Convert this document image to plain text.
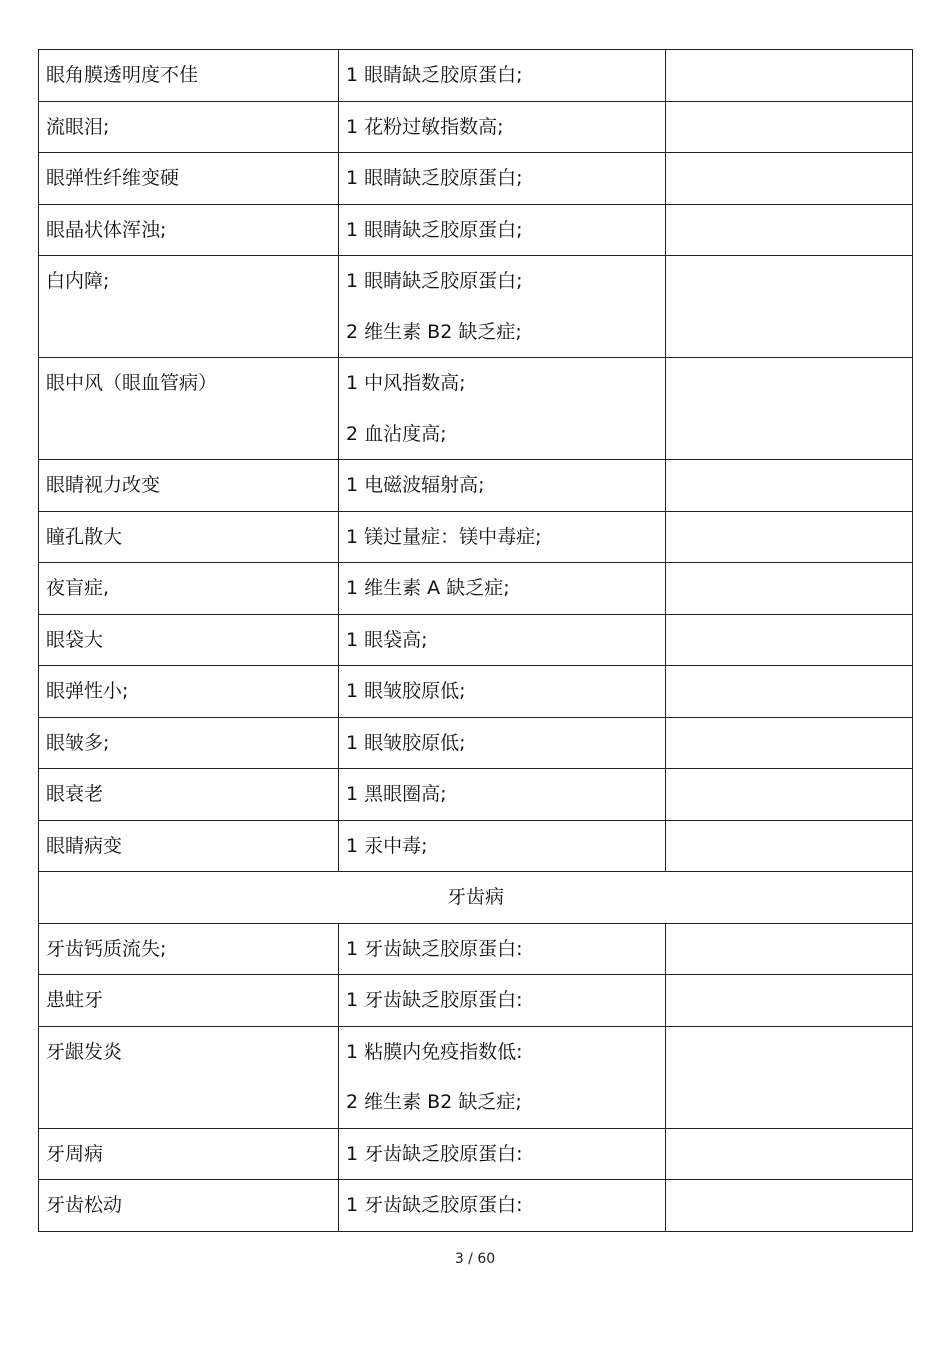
眼角膜透明度不佳	1 眼睛缺乏胶原蛋白;	

流眼泪;	1 花粉过敏指数高;	

眼弹性纤维变硬	1 眼睛缺乏胶原蛋白;	

眼晶状体浑浊;	1 眼睛缺乏胶原蛋白;	

白内障;	1 眼睛缺乏胶原蛋白;
2 维生素 B2 缺乏症;	

眼中风（眼血管病）	1 中风指数高;
2 血沾度高;	

眼睛视力改变	1 电磁波辐射高;	

瞳孔散大	1 镁过量症：镁中毒症;	

夜盲症,	1 维生素 A 缺乏症;	

眼袋大	1 眼袋高;	

眼弹性小;	1 眼皱胶原低;	

眼皱多;	1 眼皱胶原低;	

眼衰老	1 黑眼圈高;	

眼睛病变	1 汞中毒;	

牙齿病		
牙齿钙质流失;	1 牙齿缺乏胶原蛋白:	

患蛀牙	1 牙齿缺乏胶原蛋白:	

牙龈发炎	1 粘膜内免疫指数低:
2 维生素 B2 缺乏症;	

牙周病	1 牙齿缺乏胶原蛋白:	

牙齿松动	1 牙齿缺乏胶原蛋白:	

3 / 60
